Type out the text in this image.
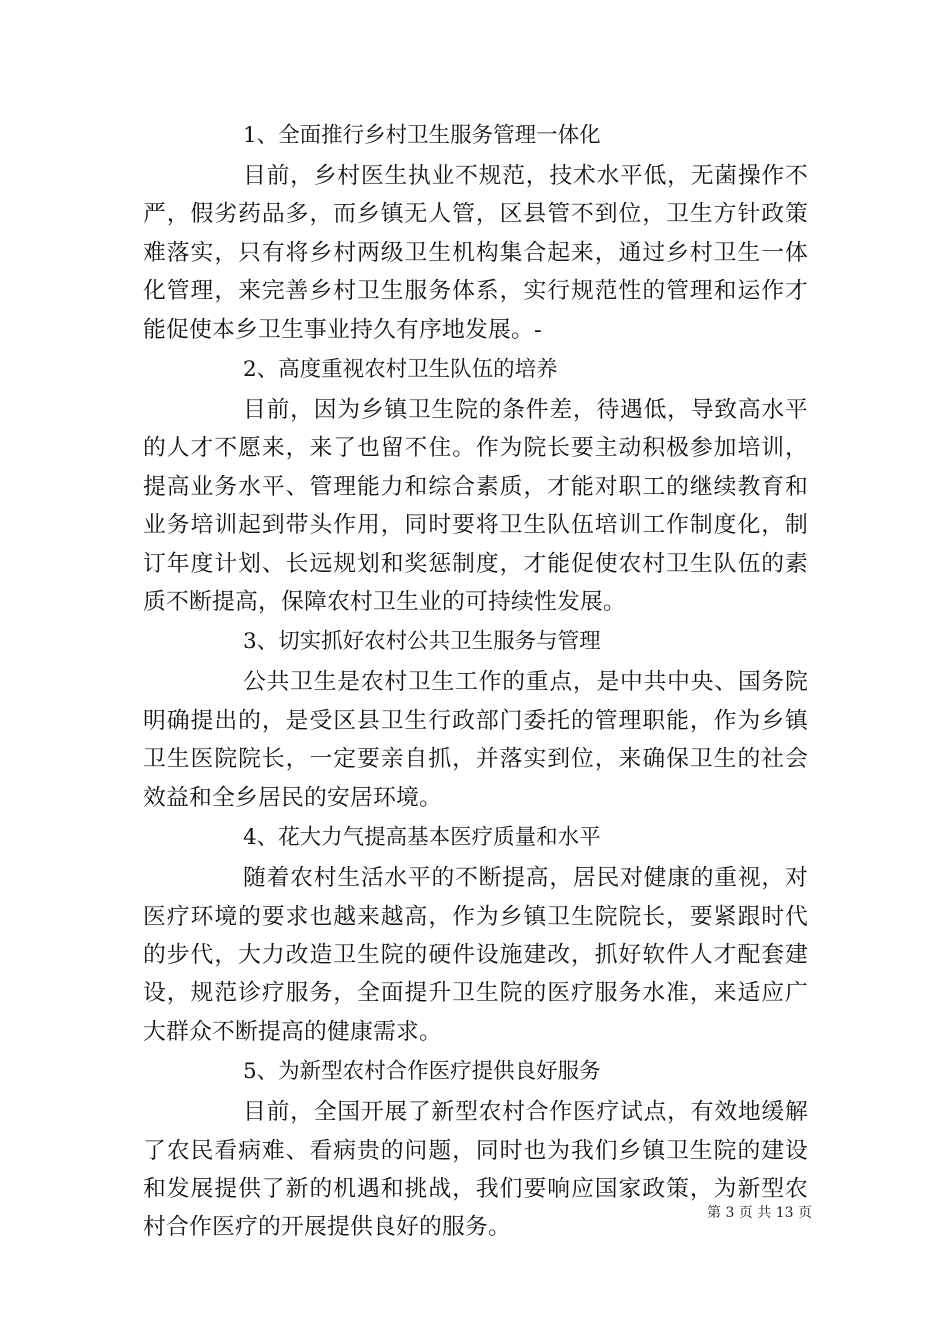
1、全面推行乡村卫生服务管理一体化

目前，乡村医生执业不规范，技术水平低，无菌操作不严，假劣药品多，而乡镇无人管，区县管不到位，卫生方针政策难落实，只有将乡村两级卫生机构集合起来，通过乡村卫生一体化管理，来完善乡村卫生服务体系，实行规范性的管理和运作才能促使本乡卫生事业持久有序地发展。-

2、高度重视农村卫生队伍的培养

目前，因为乡镇卫生院的条件差，待遇低，导致高水平的人才不愿来，来了也留不住。作为院长要主动积极参加培训，提高业务水平、管理能力和综合素质，才能对职工的继续教育和业务培训起到带头作用，同时要将卫生队伍培训工作制度化，制订年度计划、长远规划和奖惩制度，才能促使农村卫生队伍的素质不断提高，保障农村卫生业的可持续性发展。

3、切实抓好农村公共卫生服务与管理

公共卫生是农村卫生工作的重点，是中共中央、国务院明确提出的，是受区县卫生行政部门委托的管理职能，作为乡镇卫生医院院长，一定要亲自抓，并落实到位，来确保卫生的社会效益和全乡居民的安居环境。

4、花大力气提高基本医疗质量和水平

随着农村生活水平的不断提高，居民对健康的重视，对医疗环境的要求也越来越高，作为乡镇卫生院院长，要紧跟时代的步代，大力改造卫生院的硬件设施建改，抓好软件人才配套建设，规范诊疗服务，全面提升卫生院的医疗服务水准，来适应广大群众不断提高的健康需求。

5、为新型农村合作医疗提供良好服务

目前，全国开展了新型农村合作医疗试点，有效地缓解了农民看病难、看病贵的问题，同时也为我们乡镇卫生院的建设和发展提供了新的机遇和挑战，我们要响应国家政策，为新型农村合作医疗的开展提供良好的服务。

第 3 页 共 13 页
